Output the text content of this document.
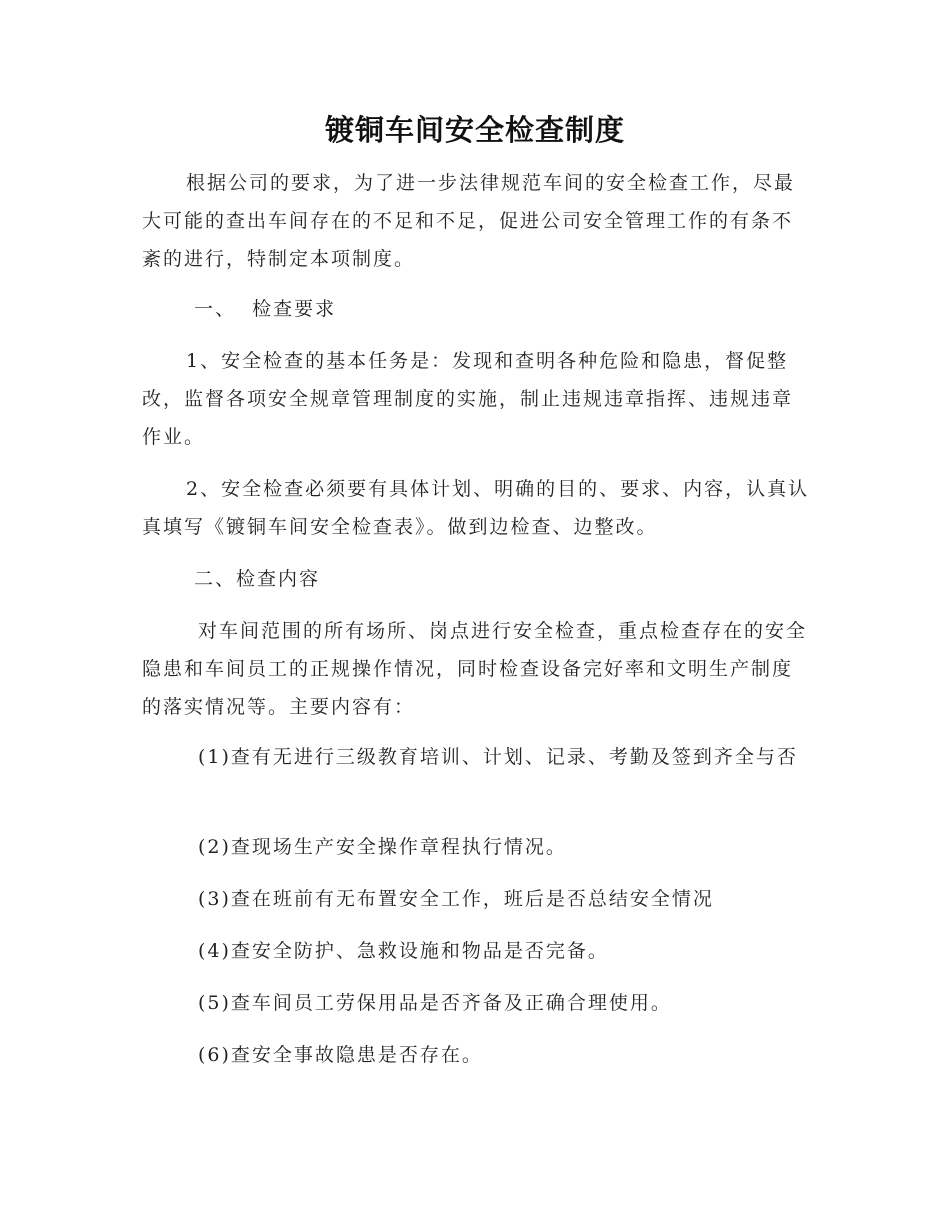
镀铜车间安全检查制度

根据公司的要求，为了进一步法律规范车间的安全检查工作，尽最大可能的查出车间存在的不足和不足，促进公司安全管理工作的有条不紊的进行，特制定本项制度。

一、  检查要求

1、安全检查的基本任务是：发现和查明各种危险和隐患，督促整改，监督各项安全规章管理制度的实施，制止违规违章指挥、违规违章作业。

2、安全检查必须要有具体计划、明确的目的、要求、内容，认真认真填写《镀铜车间安全检查表》。做到边检查、边整改。

二、检查内容

对车间范围的所有场所、岗点进行安全检查，重点检查存在的安全隐患和车间员工的正规操作情况，同时检查设备完好率和文明生产制度的落实情况等。主要内容有：

(1)查有无进行三级教育培训、计划、记录、考勤及签到齐全与否

(2)查现场生产安全操作章程执行情况。

(3)查在班前有无布置安全工作，班后是否总结安全情况

(4)查安全防护、急救设施和物品是否完备。

(5)查车间员工劳保用品是否齐备及正确合理使用。

(6)查安全事故隐患是否存在。
